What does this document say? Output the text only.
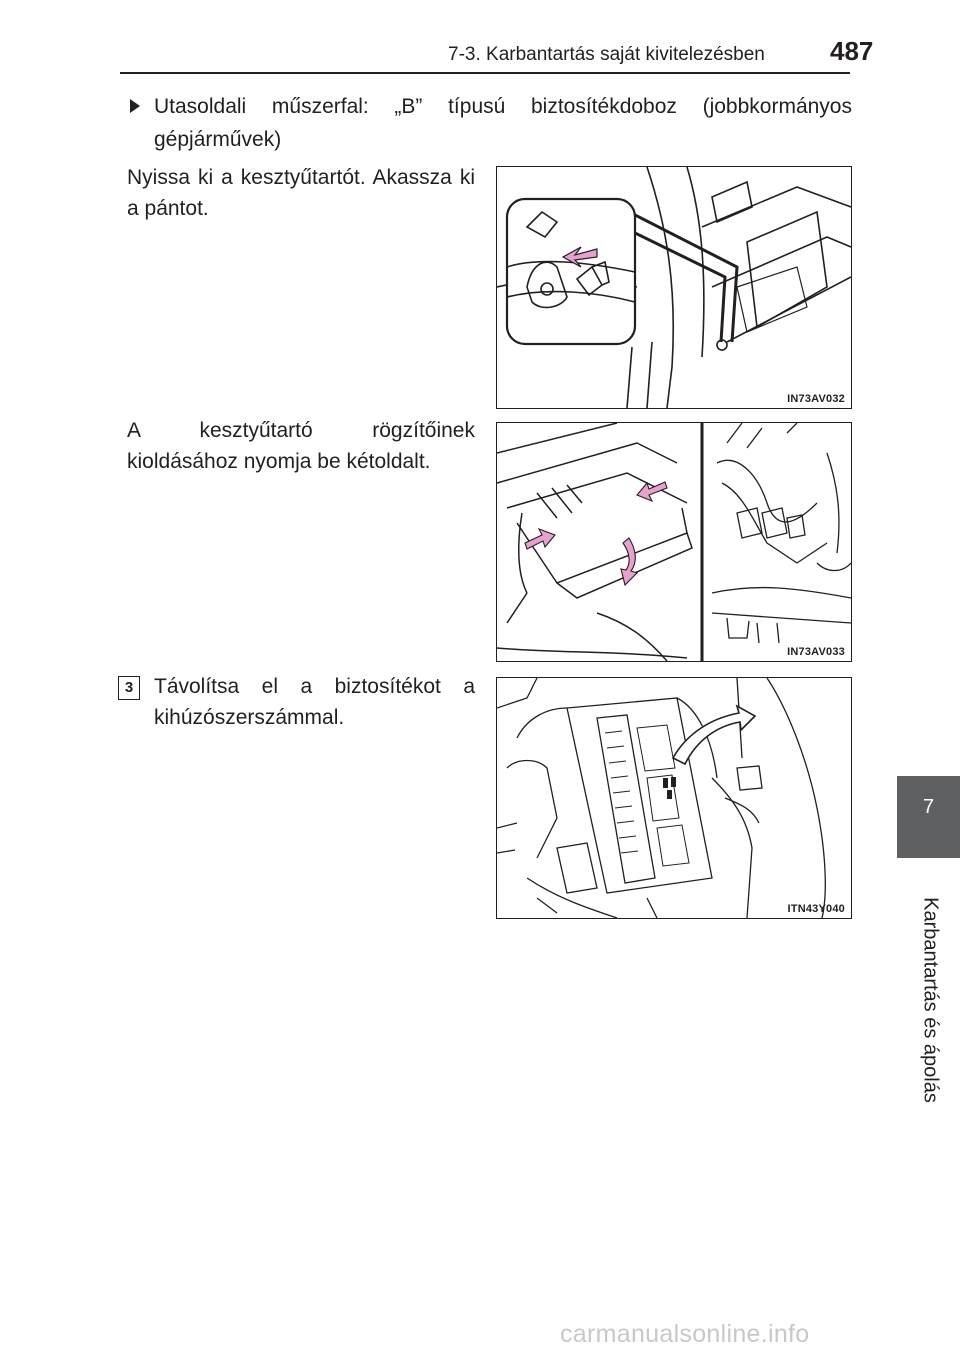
7-3. Karbantartás saját kivitelezésben	487
7
Karbantartás és ápolás
Utasoldali műszerfal: „B” típusú biztosítékdoboz (jobbkormányos gépjárművek)
Nyissa ki a kesztyűtartót. Akassza ki a pántot.
IN73AV032
A kesztyűtartó rögzítőinek kioldásához nyomja be kétoldalt.
IN73AV033
3 Távolítsa el a biztosítékot a kihúzószerszámmal.
ITN43Y040
carmanualsonline.info
